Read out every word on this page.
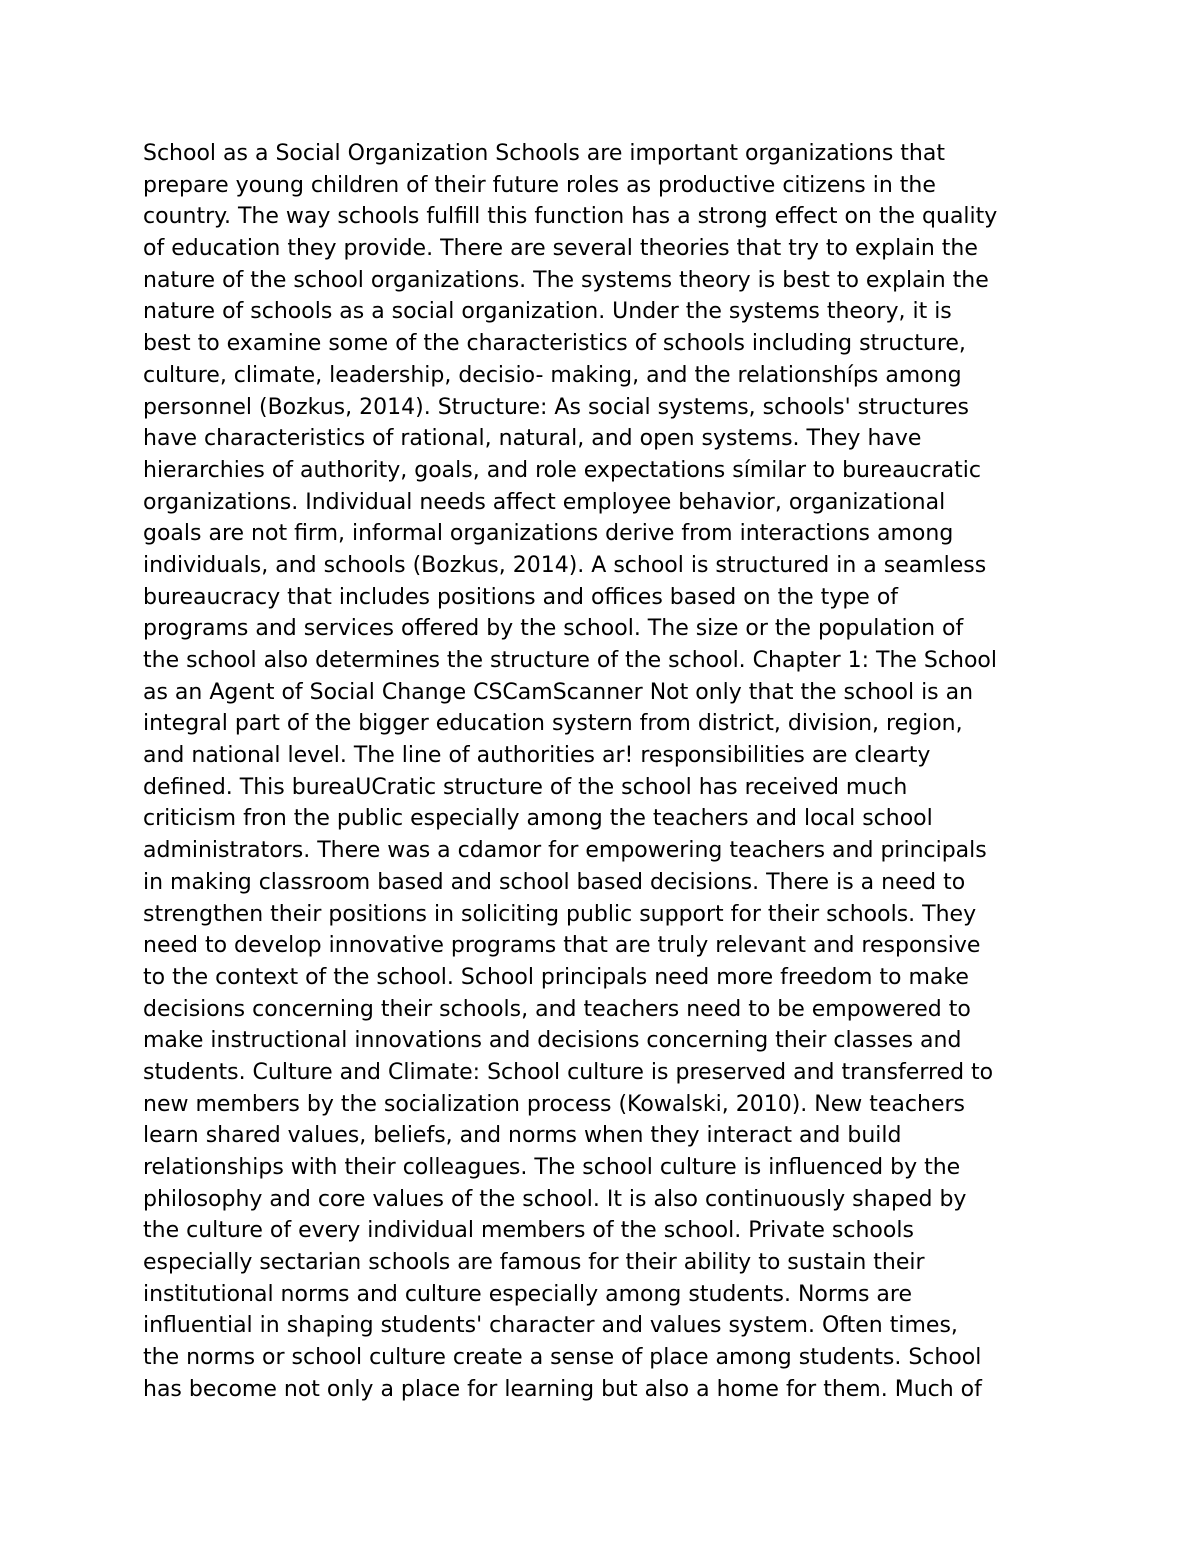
School as a Social Organization Schools are important organizations that
prepare young children of their future roles as productive citizens in the
country. The way schools fulfill this function has a strong effect on the quality
of education they provide. There are several theories that try to explain the
nature of the school organizations. The systems theory is best to explain the
nature of schools as a social organization. Under the systems theory, it is
best to examine some of the characteristics of schools including structure,
culture, climate, leadership, decisio- making, and the relationshíps among
personnel (Bozkus, 2014). Structure: As social systems, schools' structures
have characteristics of rational, natural, and open systems. They have
hierarchies of authority, goals, and role expectations símilar to bureaucratic
organizations. Individual needs affect employee behavior, organizational
goals are not firm, informal organizations derive from interactions among
individuals, and schools (Bozkus, 2014). A school is structured in a seamless
bureaucracy that includes positions and offices based on the type of
programs and services offered by the school. The size or the population of
the school also determines the structure of the school. Chapter 1: The School
as an Agent of Social Change CSCamScanner Not only that the school is an
integral part of the bigger education systern from district, division, region,
and national level. The line of authorities ar! responsibilities are clearty
defined. This bureaUCratic structure of the school has received much
criticism fron the public especially among the teachers and local school
administrators. There was a cdamor for empowering teachers and principals
in making classroom based and school based decisions. There is a need to
strengthen their positions in soliciting public support for their schools. They
need to develop innovative programs that are truly relevant and responsive
to the context of the school. School principals need more freedom to make
decisions concerning their schools, and teachers need to be empowered to
make instructional innovations and decisions concerning their classes and
students. Culture and Climate: School culture is preserved and transferred to
new members by the socialization process (Kowalski, 2010). New teachers
learn shared values, beliefs, and norms when they interact and build
relationships with their colleagues. The school culture is influenced by the
philosophy and core values of the school. It is also continuously shaped by
the culture of every individual members of the school. Private schools
especially sectarian schools are famous for their ability to sustain their
institutional norms and culture especially among students. Norms are
influential in shaping students' character and values system. Often times,
the norms or school culture create a sense of place among students. School
has become not only a place for learning but also a home for them. Much of
